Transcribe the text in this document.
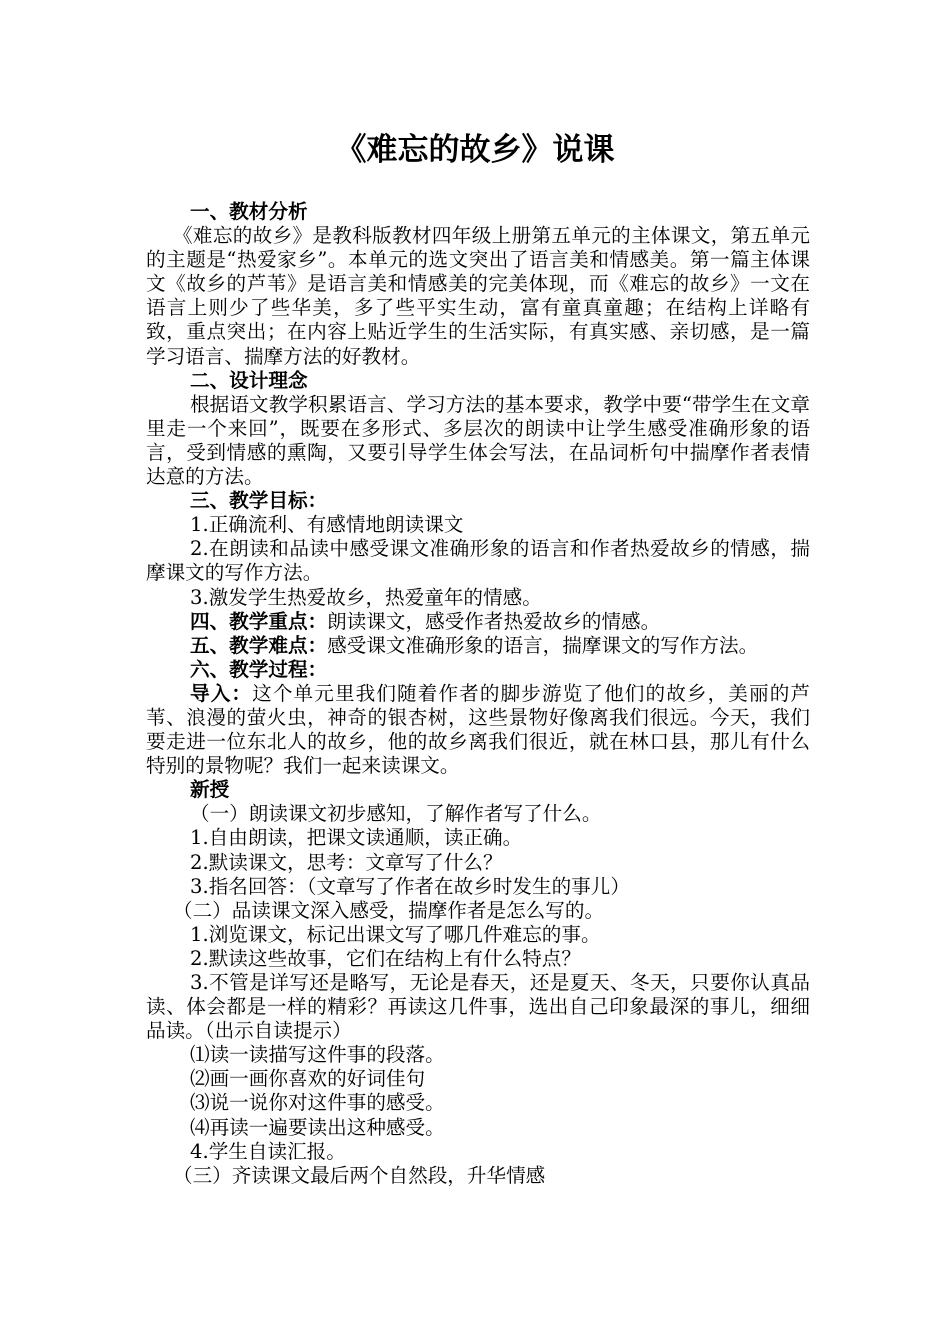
《难忘的故乡》说课

一、教材分析

《难忘的故乡》是教科版教材四年级上册第五单元的主体课文，第五单元的主题是“热爱家乡”。本单元的选文突出了语言美和情感美。第一篇主体课文《故乡的芦苇》是语言美和情感美的完美体现，而《难忘的故乡》一文在语言上则少了些华美，多了些平实生动，富有童真童趣；在结构上详略有致，重点突出；在内容上贴近学生的生活实际，有真实感、亲切感，是一篇学习语言、揣摩方法的好教材。

二、设计理念

根据语文教学积累语言、学习方法的基本要求，教学中要“带学生在文章里走一个来回”，既要在多形式、多层次的朗读中让学生感受准确形象的语言，受到情感的熏陶，又要引导学生体会写法，在品词析句中揣摩作者表情达意的方法。

三、教学目标：

1.正确流利、有感情地朗读课文

2.在朗读和品读中感受课文准确形象的语言和作者热爱故乡的情感，揣摩课文的写作方法。

3.激发学生热爱故乡，热爱童年的情感。

四、教学重点：朗读课文，感受作者热爱故乡的情感。

五、教学难点：感受课文准确形象的语言，揣摩课文的写作方法。

六、教学过程：

导入：这个单元里我们随着作者的脚步游览了他们的故乡，美丽的芦苇、浪漫的萤火虫，神奇的银杏树，这些景物好像离我们很远。今天，我们要走进一位东北人的故乡，他的故乡离我们很近，就在林口县，那儿有什么特别的景物呢？我们一起来读课文。

新授

（一）朗读课文初步感知，了解作者写了什么。

1.自由朗读，把课文读通顺，读正确。

2.默读课文，思考：文章写了什么？

3.指名回答：（文章写了作者在故乡时发生的事儿）

（二）品读课文深入感受，揣摩作者是怎么写的。

1.浏览课文，标记出课文写了哪几件难忘的事。

2.默读这些故事，它们在结构上有什么特点？

3.不管是详写还是略写，无论是春天，还是夏天、冬天，只要你认真品读、体会都是一样的精彩？再读这几件事，选出自己印象最深的事儿，细细品读。（出示自读提示）

⑴读一读描写这件事的段落。

⑵画一画你喜欢的好词佳句

⑶说一说你对这件事的感受。

⑷再读一遍要读出这种感受。

4.学生自读汇报。

（三）齐读课文最后两个自然段，升华情感
